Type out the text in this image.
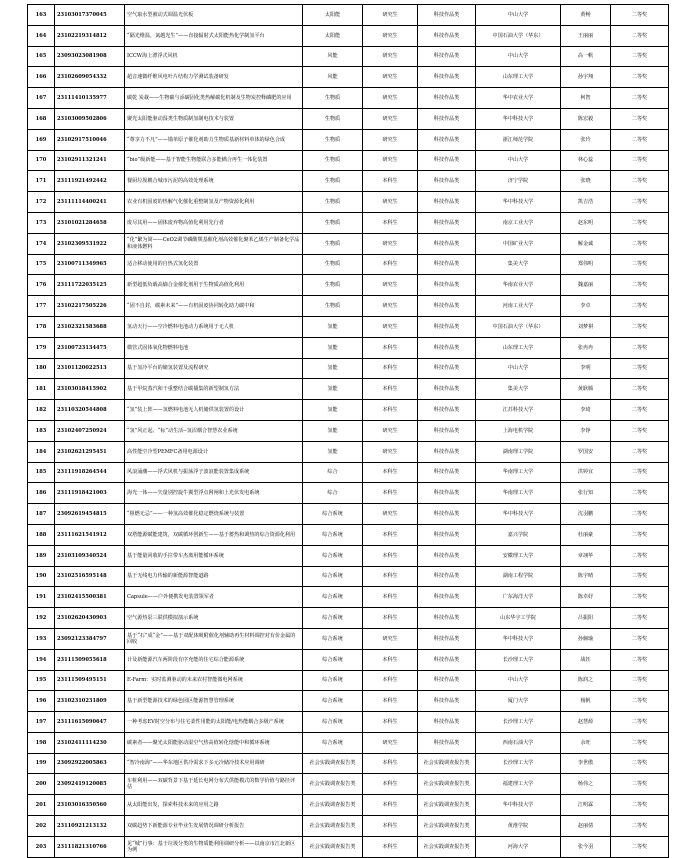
163	23103017370045	空气取水型被动式调温光伏板	太阳能	研究生	科技作品类	中山大学	黄畅	二等奖
164	23102219314812	“隔光维温，氮越光生”——直接辐射式太阳能热化学制氢平台	太阳能	研究生	科技作品类	中国石油大学（华东）	王丽丽	二等奖
165	23093023081908	ICCW海上漂浮式风机	风能	研究生	科技作品类	中山大学	高一帆	二等奖
166	23102609054332	超音速微纤维风电叶片结构力学测试装备研发	风能	研究生	科技作品类	山东理工大学	孙宇翔	二等奖
167	23111410135977	碳乾 炭裁——生物碳与添碳固化类热解碳化机制及生物炭控释磷肥的应用	生物质	研究生	科技作品类	华中农业大学	柯智	二等奖
168	23103009502806	聚光太阳能驱动湿类生物质制氢制电技术与装置	生物质	研究生	科技作品类	华中科技大学	陈宏毅	二等奖
169	23102917510046	“尊享力不凡”——锚单原子催化剂助力生物质基新材料单体的绿色合成	生物质	研究生	科技作品类	浙江师范学院	张玲	二等奖
170	23102911321241	“bio”级新能——基于智能生物能联合多能耦合再生一体化装置	生物质	研究生	科技作品类	中山大学	林心蕊	二等奖
171	23111921492442	餐厨垃圾耦合城市污泥的高效处理系统	生物质	本科生	科技作品类	济宁学院	张晓	二等奖
172	23111114400241	农业有机固废的热解气化催化重整制氢及产物资源化利用	生物质	研究生	科技作品类	华中科技大学	凯吉浩	二等奖
173	23101021284658	废尽其用——固体废弃物高值化利用先行者	生物质	本科生	科技作品类	南京工业大学	赵东明	二等奖
174	23102309531922	“化”繁为简——CeO2调节磷酸羰基催化剂高效催化聚苯乙烯生产制备化学品和液体燃料	生物质	研究生	科技作品类	中国矿业大学	解金诚	二等奖
175	23100711349965	适合移动使用的自热式氢化装置	生物质	本科生	科技作品类	集美大学	郑伟明	二等奖
176	23111722035125	新型超低负载高熵合金催化剂用于生物质高值化利用	生物质	研究生	科技作品类	华南农业大学	魏嘉丽	二等奖
177	23102217505226	“固不自封，碳素未来”——有机固废协同转化助力碳中和	生物质	研究生	科技作品类	河南工业大学	李卓	二等奖
178	23102321583688	氢动天行——空冷燃料电池动力系统用于无人机	氢能	研究生	科技作品类	中国石油大学（华东）	刘梦祺	二等奖
179	23100723134475	微管式固体氧化物燃料电池	氢能	本科生	科技作品类	山东理工大学	张冉冉	二等奖
180	23101120022513	基于氢冷平台的储氢装置及流程研究	氢能	本科生	科技作品类	中山大学	李明	二等奖
181	23103018415902	基于甲烷蒸汽和干重整结合碳捕集的新型制氢方法	氢能	本科生	科技作品类	集美大学	黄耿腾	二等奖
182	23110320544808	“氢”装上阵——氢燃料电池无人机储供氢装置的设计	氢能	本科生	科技作品类	江苏科技大学	李琦	二等奖
183	23102407250924	“氢”风正起、“标”动生活--氢沼耦合智慧农业系统	氢能	研究生	科技作品类	上海电机学院	李铮	二等奖
184	23102621295451	高性能空冷型PEMFC备用电源设计	氢能	研究生	科技作品类	湖南理工学院	罗国安	二等奖
185	23111918264544	风浪涌潮——浮式风机与振荡浮子波浪能装置集成系统	综合	本科生	科技作品类	华南理工大学	洪婷宜	二等奖
186	23111918421003	海光一体——矢量别控旋牛翼型浮点网闸和上光伏发电系统	综合	本科生	科技作品类	华南理工大学	张行知	二等奖
187	23092619454815	“阻燃无忌”——一种氢高效催化稳定燃烧系统与装置	综合系统	研究生	科技作品类	华中科技大学	沈羽鹏	二等奖
188	23111621541912	双塔能源赋能建筑，双碳循环创新生——基于蓄热和调热的综合资源化利用	综合系统	本科生	科技作品类	嘉兴学院	杜丽豪	二等奖
189	23103109340524	基于能量回收的手拉带车杰离用能循环系统	综合系统	本科生	科技作品类	安徽理工大学	章翊华	二等奖
190	23102516595148	基于无线电力传输的新能源智能道路	综合系统	本科生	科技作品类	湖南工程学院	陈宇晴	二等奖
191	23102415500381	Capsule——户外便携发电装置领军者	综合系统	本科生	科技作品类	广东海洋大学	陈卓妤	二等奖
192	23102620430903	空气源热泵三联供模拟演示系统	综合系统	本科生	科技作品类	山东华宇工学院	吕振阳	二等奖
193	23092123384797	基于“石”成“金”——基于双配体吸附催化剂辅助再生材料调控对有价金属的回收	综合系统	研究生	科技作品类	华中科技大学	孙俪瑜	二等奖
194	23111509055618	计及新能源汽车两阶段有序充能的住宅综合能源系统	综合系统	本科生	科技作品类	长沙理工大学	战钰	二等奖
195	23111509495151	E-Farm：实时监测驱动的未来农村智能微电网系统	综合系统	本科生	科技作品类	中山大学	陈润之	二等奖
196	23102310231809	基于新型能源技术的绿色园区能源智慧管理系统	综合系统	本科生	科技作品类	厦门大学	杨帆	二等奖
197	23111615090647	一种考虑EV时空分布与住宅柔性用能的太阳能/电热能耦合多级产系统	综合系统	本科生	科技作品类	长沙理工大学	赵慧源	二等奖
198	23102411114230	碳素者——聚光太阳能驱动湿空气热高值转化焓能中和循环系统	综合系统	研究生	科技作品类	西南石油大学	余旺	二等奖
199	23092922005863	“智冷南海”——华东地区供冷需求下多元冷储冷技术应用调研	社会实践调查报告类	本科生	社会实践调查报告类	长沙理工大学	李世傲	二等奖
200	23092419120085	车桩利用——双碳背景下基于延长电网分布式供能模式的数学价值与路径评估	社会实践调查报告类	本科生	社会实践调查报告类	福建理工大学	杨伟之	二等奖
201	23103016350560	从太阳能出发，探索科技未来的应用之路	社会实践调查报告类	本科生	社会实践调查报告类	华中科技大学	江明霖	二等奖
202	23110921213132	双碳趋势下新能源专业毕业生发展情况调研分析报告	社会实践调查报告类	本科生	社会实践调查报告类	黄淮学院	赵丽倩	二等奖
203	23111821310766	见“城”行事：基于垃圾分类的生物质能利用调研分析——以南京市江北新区为例	社会实践调查报告类	本科生	社会实践调查报告类	河海大学	张今羽	二等奖
